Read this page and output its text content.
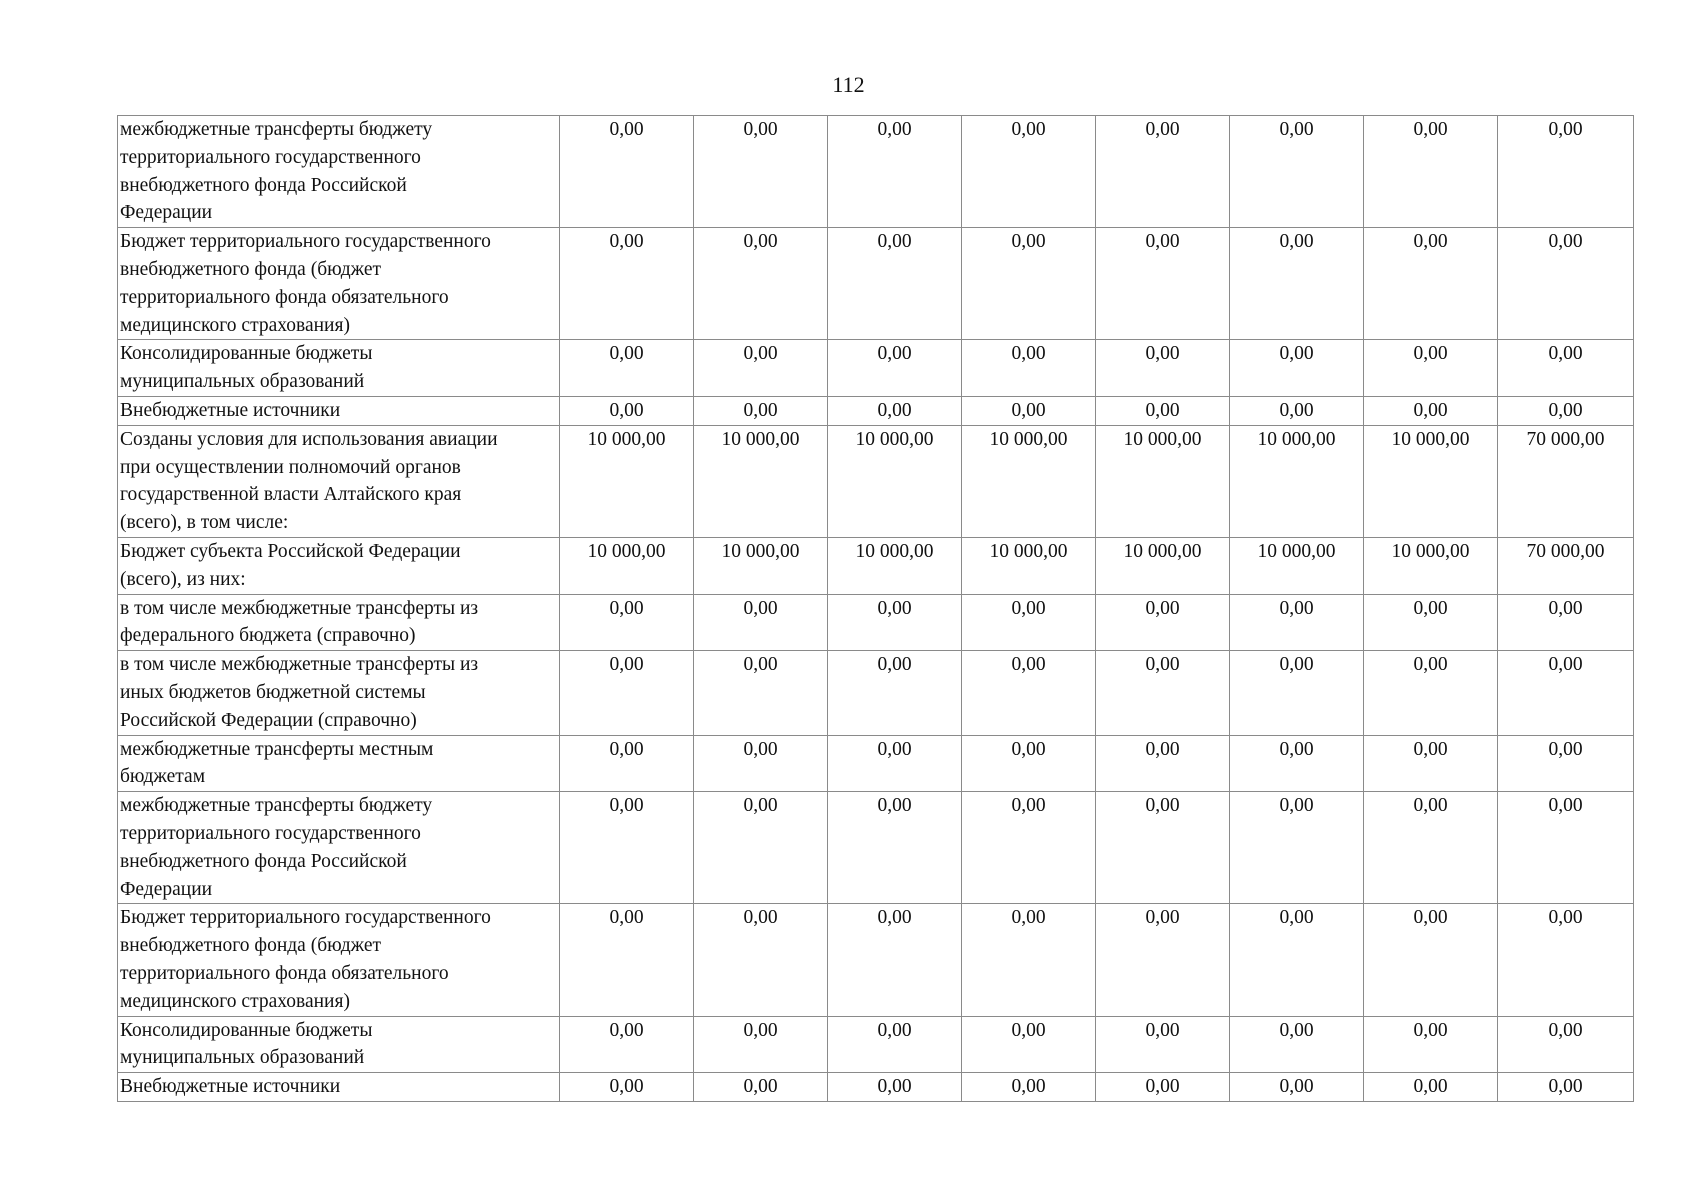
112
межбюджетные трансферты бюджету
территориального государственного
внебюджетного фонда Российской
Федерации	0,00	0,00	0,00	0,00	0,00	0,00	0,00	0,00

Бюджет территориального государственного
внебюджетного фонда (бюджет
территориального фонда обязательного
медицинского страхования)	0,00	0,00	0,00	0,00	0,00	0,00	0,00	0,00

Консолидированные бюджеты
муниципальных образований	0,00	0,00	0,00	0,00	0,00	0,00	0,00	0,00

Внебюджетные источники	0,00	0,00	0,00	0,00	0,00	0,00	0,00	0,00

Созданы условия для использования авиации
при осуществлении полномочий органов
государственной власти Алтайского края
(всего), в том числе:	10 000,00	10 000,00	10 000,00	10 000,00	10 000,00	10 000,00	10 000,00	70 000,00

Бюджет субъекта Российской Федерации
(всего), из них:	10 000,00	10 000,00	10 000,00	10 000,00	10 000,00	10 000,00	10 000,00	70 000,00

в том числе межбюджетные трансферты из
федерального бюджета (справочно)	0,00	0,00	0,00	0,00	0,00	0,00	0,00	0,00

в том числе межбюджетные трансферты из
иных бюджетов бюджетной системы
Российской Федерации (справочно)	0,00	0,00	0,00	0,00	0,00	0,00	0,00	0,00

межбюджетные трансферты местным
бюджетам	0,00	0,00	0,00	0,00	0,00	0,00	0,00	0,00

межбюджетные трансферты бюджету
территориального государственного
внебюджетного фонда Российской
Федерации	0,00	0,00	0,00	0,00	0,00	0,00	0,00	0,00

Бюджет территориального государственного
внебюджетного фонда (бюджет
территориального фонда обязательного
медицинского страхования)	0,00	0,00	0,00	0,00	0,00	0,00	0,00	0,00

Консолидированные бюджеты
муниципальных образований	0,00	0,00	0,00	0,00	0,00	0,00	0,00	0,00

Внебюджетные источники	0,00	0,00	0,00	0,00	0,00	0,00	0,00	0,00
